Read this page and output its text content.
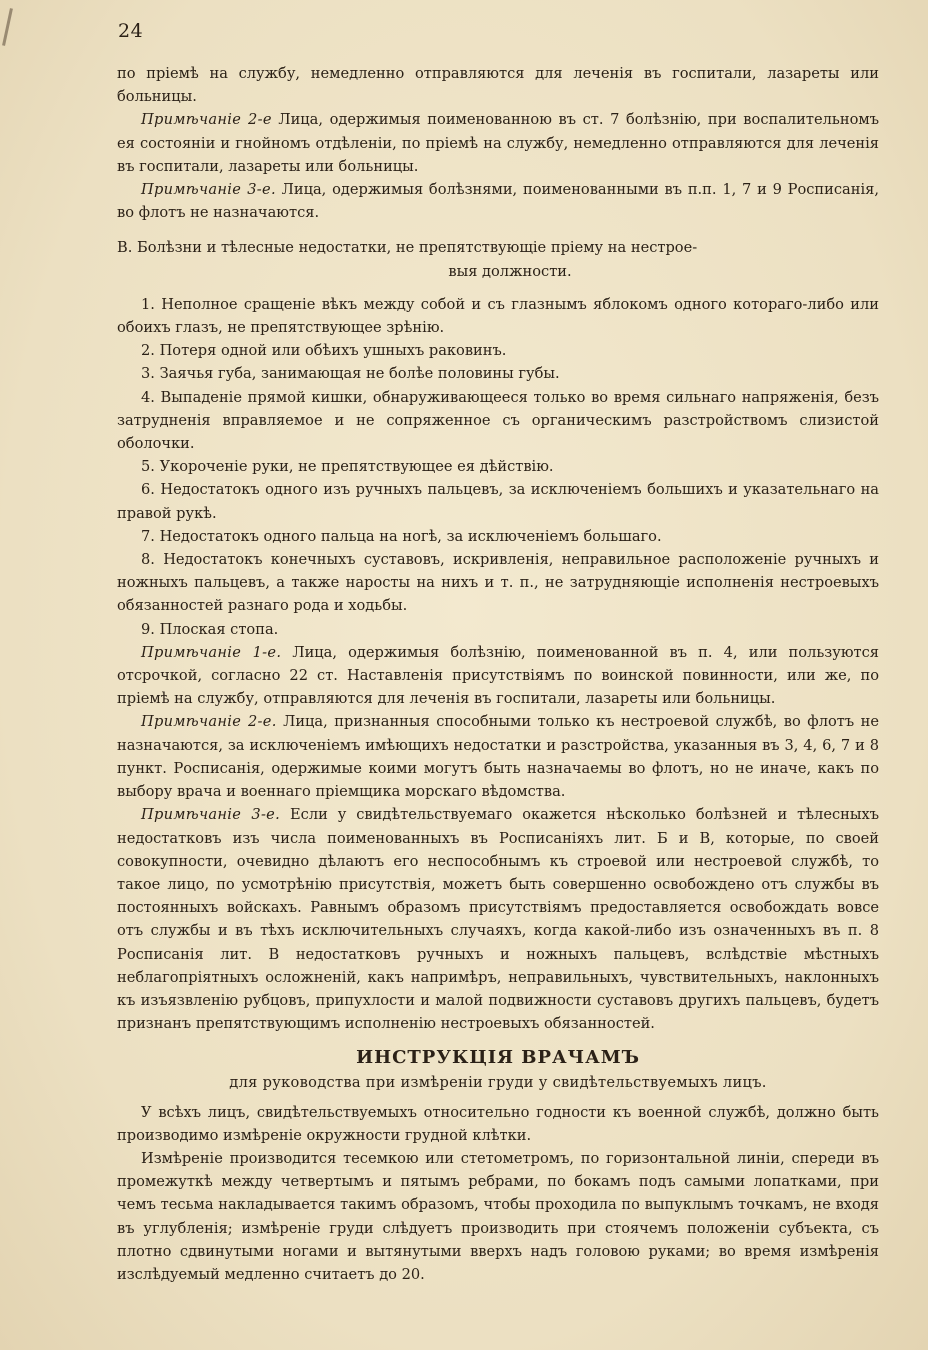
24

по пріемѣ на службу, немедленно отправляются для леченія въ госпитали, лазареты или больницы.

Примѣчаніе 2-е Лица, одержимыя поименованною въ ст. 7 болѣзнію, при воспалительномъ ея состояніи и гнойномъ отдѣленіи, по пріемѣ на службу, немедленно отправляются для леченія въ госпитали, лазареты или больницы.

Примѣчаніе 3-е. Лица, одержимыя болѣзнями, поименованными въ п.п. 1, 7 и 9 Росписанія, во флотъ не назначаются.

В. Болѣзни и тѣлесные недостатки, не препятствующіе пріему на нестрое-
выя должности.

1. Неполное сращеніе вѣкъ между собой и съ глазнымъ яблокомъ одного котораго-либо или обоихъ глазъ, не препятствующее зрѣнію.

2. Потеря одной или обѣихъ ушныхъ раковинъ.

3. Заячья губа, занимающая не болѣе половины губы.

4. Выпаденіе прямой кишки, обнаруживающееся только во время сильнаго напряженія, безъ затрудненія вправляемое и не сопряженное съ органическимъ разстройствомъ слизистой оболочки.

5. Укороченіе руки, не препятствующее ея дѣйствію.

6. Недостатокъ одного изъ ручныхъ пальцевъ, за исключеніемъ большихъ и указательнаго на правой рукѣ.

7. Недостатокъ одного пальца на ногѣ, за исключеніемъ большаго.

8. Недостатокъ конечныхъ суставовъ, искривленія, неправильное расположеніе ручныхъ и ножныхъ пальцевъ, а также наросты на нихъ и т. п., не затрудняющіе исполненія нестроевыхъ обязанностей разнаго рода и ходьбы.

9. Плоская стопа.

Примѣчаніе 1-е. Лица, одержимыя болѣзнію, поименованной въ п. 4, или пользуются отсрочкой, согласно 22 ст. Наставленія присутствіямъ по воинской повинности, или же, по пріемѣ на службу, отправляются для леченія въ госпитали, лазареты или больницы.

Примѣчаніе 2-е. Лица, признанныя способными только къ нестроевой службѣ, во флотъ не назначаются, за исключеніемъ имѣющихъ недостатки и разстройства, указанныя въ 3, 4, 6, 7 и 8 пункт. Росписанія, одержимые коими могутъ быть назначаемы во флотъ, но не иначе, какъ по выбору врача и военнаго пріемщика морскаго вѣдомства.

Примѣчаніе 3-е. Если у свидѣтельствуемаго окажется нѣсколько болѣзней и тѣлесныхъ недостатковъ изъ числа поименованныхъ въ Росписаніяхъ лит. Б и В, которые, по своей совокупности, очевидно дѣлаютъ его неспособнымъ къ строевой или нестроевой службѣ, то такое лицо, по усмотрѣнію присутствія, можетъ быть совершенно освобождено отъ службы въ постоянныхъ войскахъ. Равнымъ образомъ присутствіямъ предоставляется освобождать вовсе отъ службы и въ тѣхъ исключительныхъ случаяхъ, когда какой-либо изъ означенныхъ въ п. 8 Росписанія лит. В недостатковъ ручныхъ и ножныхъ пальцевъ, вслѣдствіе мѣстныхъ неблагопріятныхъ осложненій, какъ напримѣръ, неправильныхъ, чувствительныхъ, наклонныхъ къ изъязвленію рубцовъ, припухлости и малой подвижности суставовъ другихъ пальцевъ, будетъ признанъ препятствующимъ исполненію нестроевыхъ обязанностей.

ИНСТРУКЦІЯ ВРАЧАМЪ

для руководства при измѣреніи груди у свидѣтельствуемыхъ лицъ.

У всѣхъ лицъ, свидѣтельствуемыхъ относительно годности къ военной службѣ, должно быть производимо измѣреніе окружности грудной клѣтки.

Измѣреніе производится тесемкою или стетометромъ, по горизонтальной линіи, спереди въ промежуткѣ между четвертымъ и пятымъ ребрами, по бокамъ подъ самыми лопатками, при чемъ тесьма накладывается такимъ образомъ, чтобы проходила по выпуклымъ точкамъ, не входя въ углубленія; измѣреніе груди слѣдуетъ производить при стоячемъ положеніи субъекта, съ плотно сдвинутыми ногами и вытянутыми вверхъ надъ головою руками; во время измѣренія изслѣдуемый медленно считаетъ до 20.
